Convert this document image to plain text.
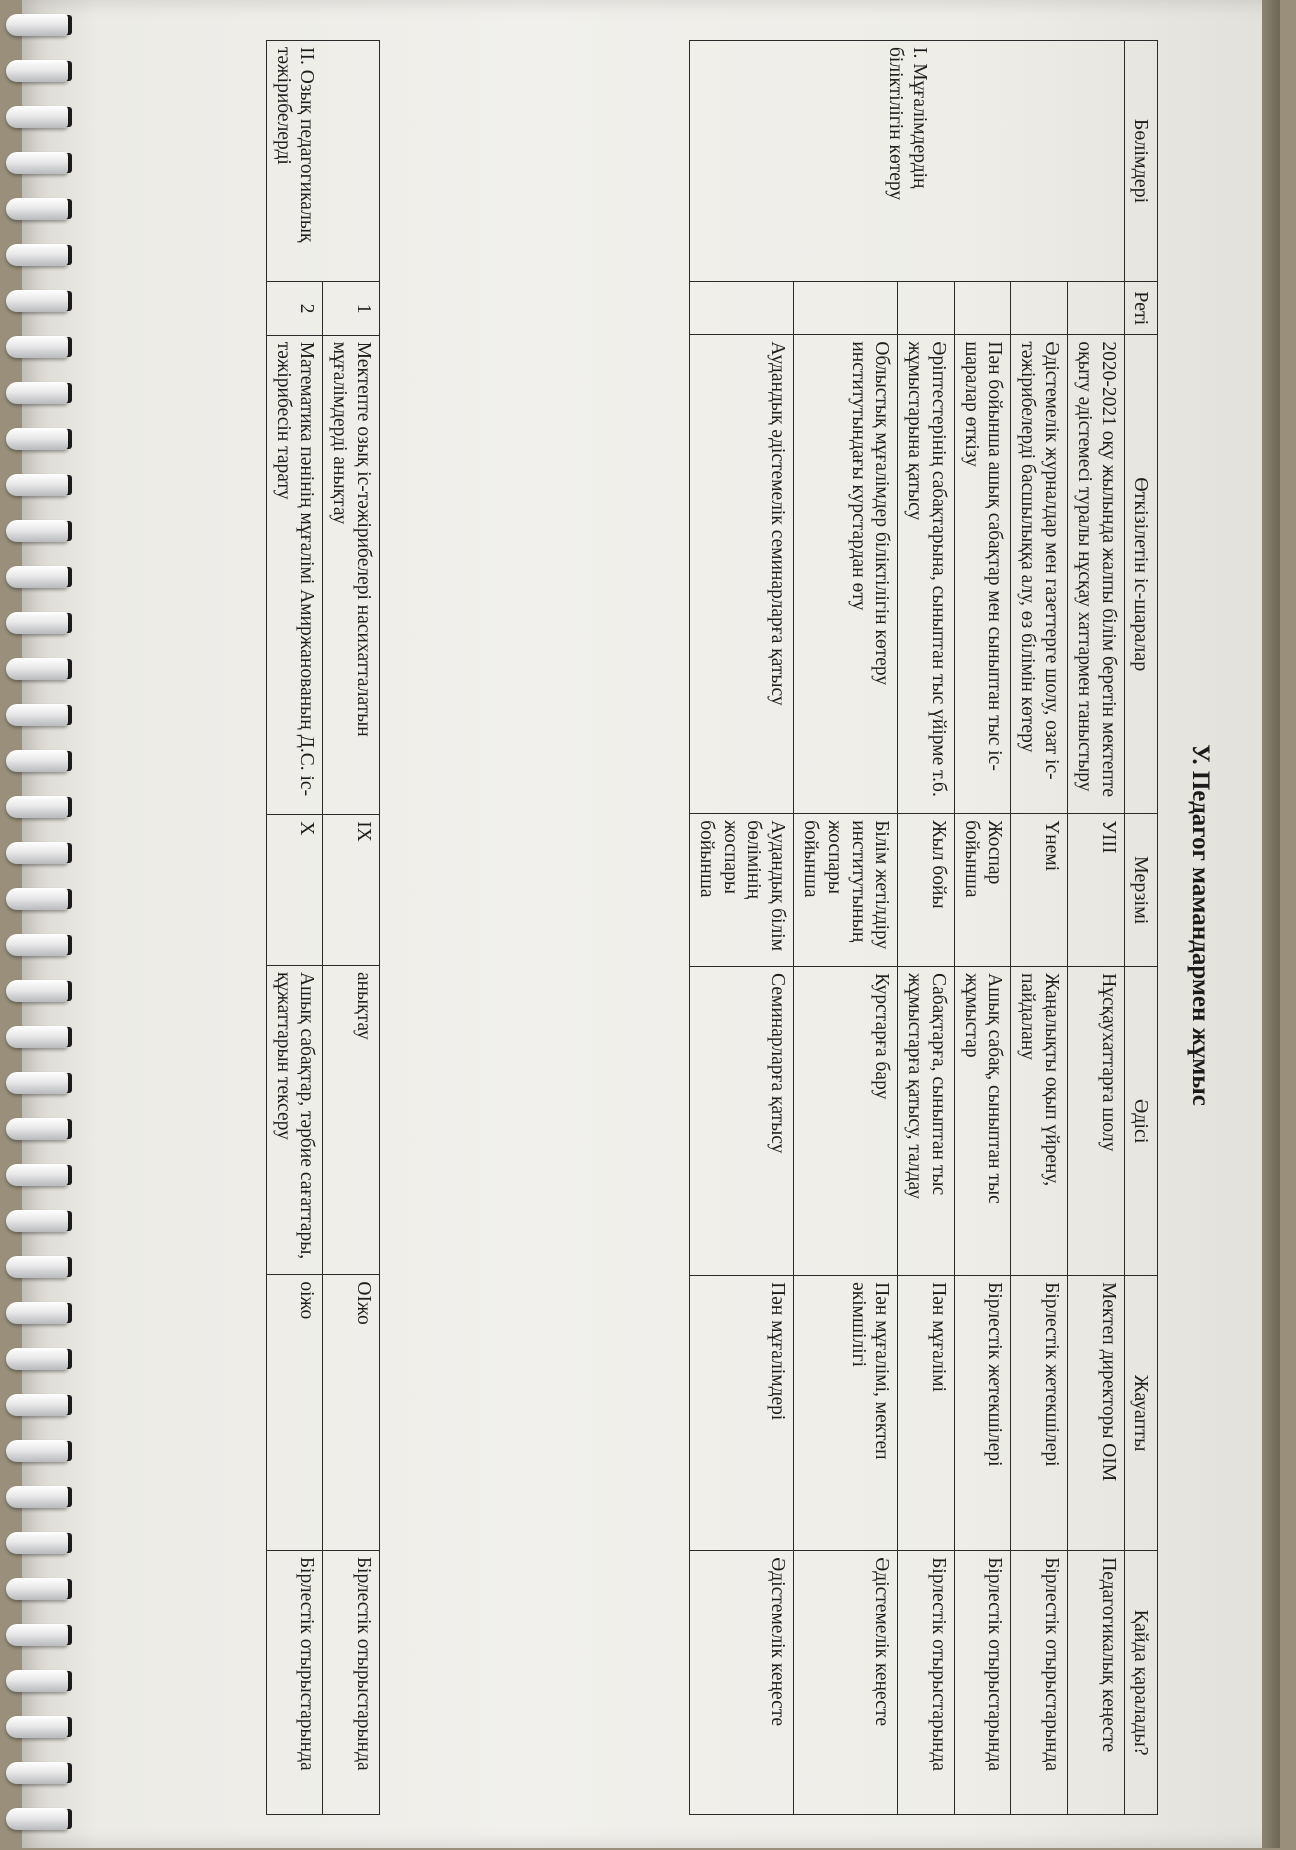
У. Педагог мамандармен жұмыс
Бөлімдері	Реті	Өткізілетін іс-шаралар	Мерзімі	Әдісі	Жауапты	Қайда қаралады?
І. Мұғалімдердің біліктілігін көтеру		2020-2021 оқу жылында жалпы білім беретін мектепте оқыту әдістемесі туралы нұсқау хаттармен таныстыру	УІІІ	Нұсқаухаттарға шолу	Мектеп директоры ОІМ	Педагогикалық кеңесте
		Әдістемелік журналдар мен газеттерге шолу, озат іс-тәжірибелерді басшылыққа алу, өз білімін көтеру	Үнемі	Жаңалықты оқып үйрену, пайдалану	Бірлестік жетекшілері	Бірлестік отырыстарында
		Пән бойынша ашық сабақтар мен сыныптан тыс іс-шаралар өткізу	Жоспар бойынша	Ашық сабақ, сыныптан тыс жұмыстар	Бірлестік жетекшілері	Бірлестік отырыстарында
		Әріптестерінің сабақтарына, сыныптан тыс үйірме т.б. жұмыстарына қатысу	Жыл бойы	Сабақтарға, сыныптан тыс жұмыстарға қатысу, талдау	Пән мұғалімі	Бірлестік отырыстарында
		Облыстық мұғалімдер біліктілігін көтеру институтындағы курстардан өту	Білім жетілдіру институтының жоспары бойынша	Курстарға бару	Пән мұғалімі, мектеп әкімшілігі	Әдістемелік кеңесте
		Аудандық әдістемелік семинарларға қатысу	Аудандық білім бөлімінің жоспары бойынша	Семинарларға қатысу	Пән мұғалімдері	Әдістемелік кеңесте
ІІ. Озық педагогикалық тәжірибелерді	1	Мектепте озық іс-тәжірибелері насихатталатын мұғалімдерді анықтау	ІХ	анықтау	ОІжо	Бірлестік отырыстарында
	2	Математика пәнінің мұғалімі Амиржанованың Д.С. іс-тәжірибесін тарату	Х	Ашық сабақтар, тәрбие сағаттары, құжаттарын тексеру	оіжо	Бірлестік отырыстарында
